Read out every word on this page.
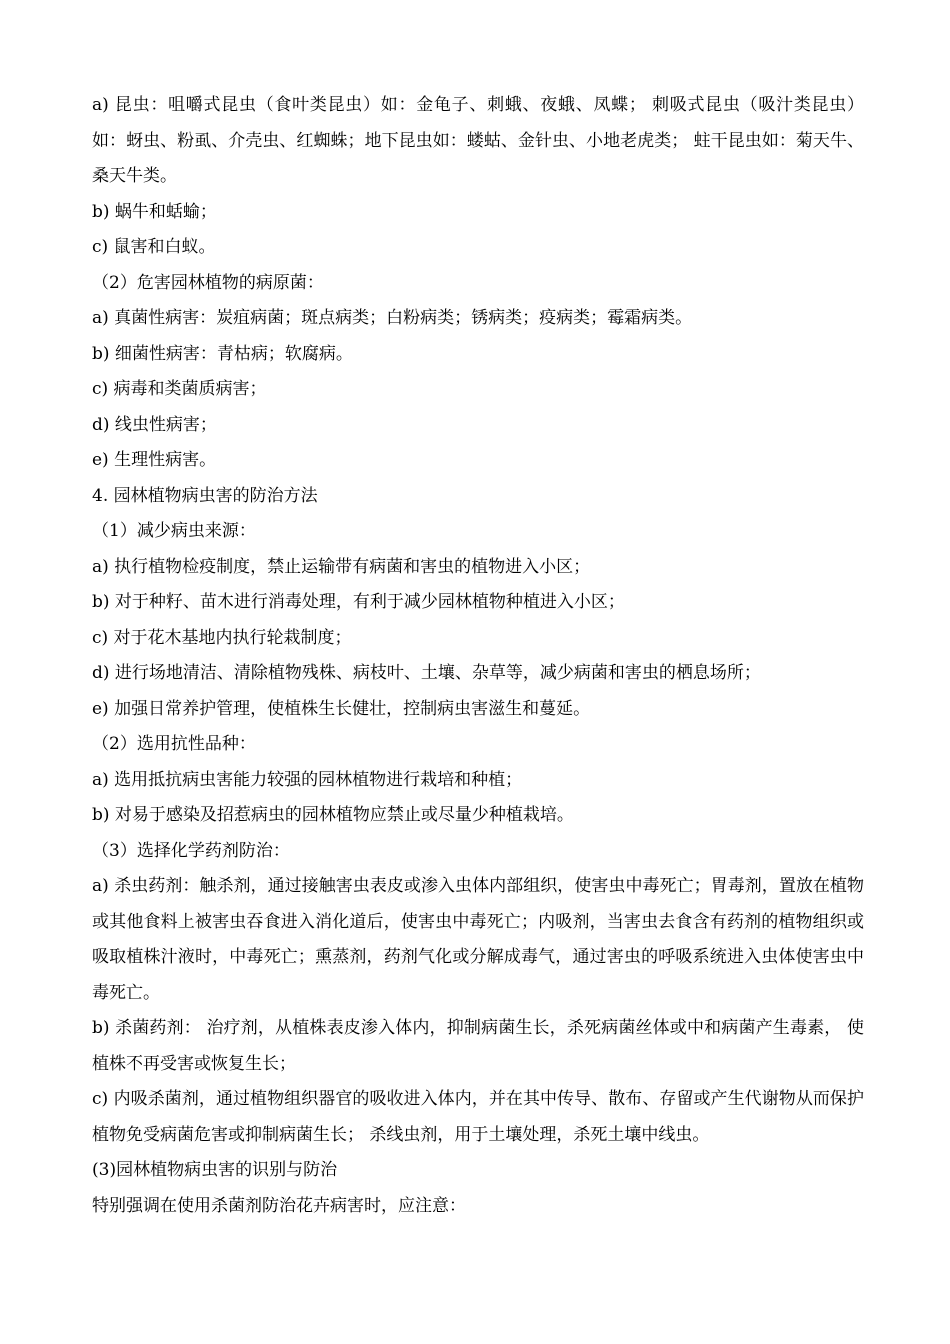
a) 昆虫：咀嚼式昆虫（食叶类昆虫）如：金龟子、刺蛾、夜蛾、凤蝶； 刺吸式昆虫（吸汁类昆虫）如：蚜虫、粉虱、介壳虫、红蜘蛛；地下昆虫如：蝼蛄、金针虫、小地老虎类； 蛀干昆虫如：菊天牛、桑天牛类。

b) 蜗牛和蛞蝓；

c) 鼠害和白蚁。

（2）危害园林植物的病原菌：

a) 真菌性病害：炭疽病菌；斑点病类；白粉病类；锈病类；疫病类；霉霜病类。

b) 细菌性病害：青枯病；软腐病。

c) 病毒和类菌质病害；

d) 线虫性病害；

e) 生理性病害。

4. 园林植物病虫害的防治方法

（1）减少病虫来源：

a) 执行植物检疫制度，禁止运输带有病菌和害虫的植物进入小区；

b) 对于种籽、苗木进行消毒处理，有利于减少园林植物种植进入小区；

c) 对于花木基地内执行轮栽制度；

d) 进行场地清洁、清除植物残株、病枝叶、土壤、杂草等，减少病菌和害虫的栖息场所；

e) 加强日常养护管理，使植株生长健壮，控制病虫害滋生和蔓延。

（2）选用抗性品种：

a) 选用抵抗病虫害能力较强的园林植物进行栽培和种植；

b) 对易于感染及招惹病虫的园林植物应禁止或尽量少种植栽培。

（3）选择化学药剂防治：

a) 杀虫药剂：触杀剂，通过接触害虫表皮或渗入虫体内部组织，使害虫中毒死亡；胃毒剂，置放在植物或其他食料上被害虫吞食进入消化道后，使害虫中毒死亡；内吸剂，当害虫去食含有药剂的植物组织或吸取植株汁液时，中毒死亡；熏蒸剂，药剂气化或分解成毒气，通过害虫的呼吸系统进入虫体使害虫中毒死亡。

b) 杀菌药剂： 治疗剂，从植株表皮渗入体内，抑制病菌生长，杀死病菌丝体或中和病菌产生毒素， 使植株不再受害或恢复生长；

c) 内吸杀菌剂，通过植物组织器官的吸收进入体内，并在其中传导、散布、存留或产生代谢物从而保护植物免受病菌危害或抑制病菌生长； 杀线虫剂，用于土壤处理，杀死土壤中线虫。

(3)园林植物病虫害的识别与防治

特别强调在使用杀菌剂防治花卉病害时，应注意：
